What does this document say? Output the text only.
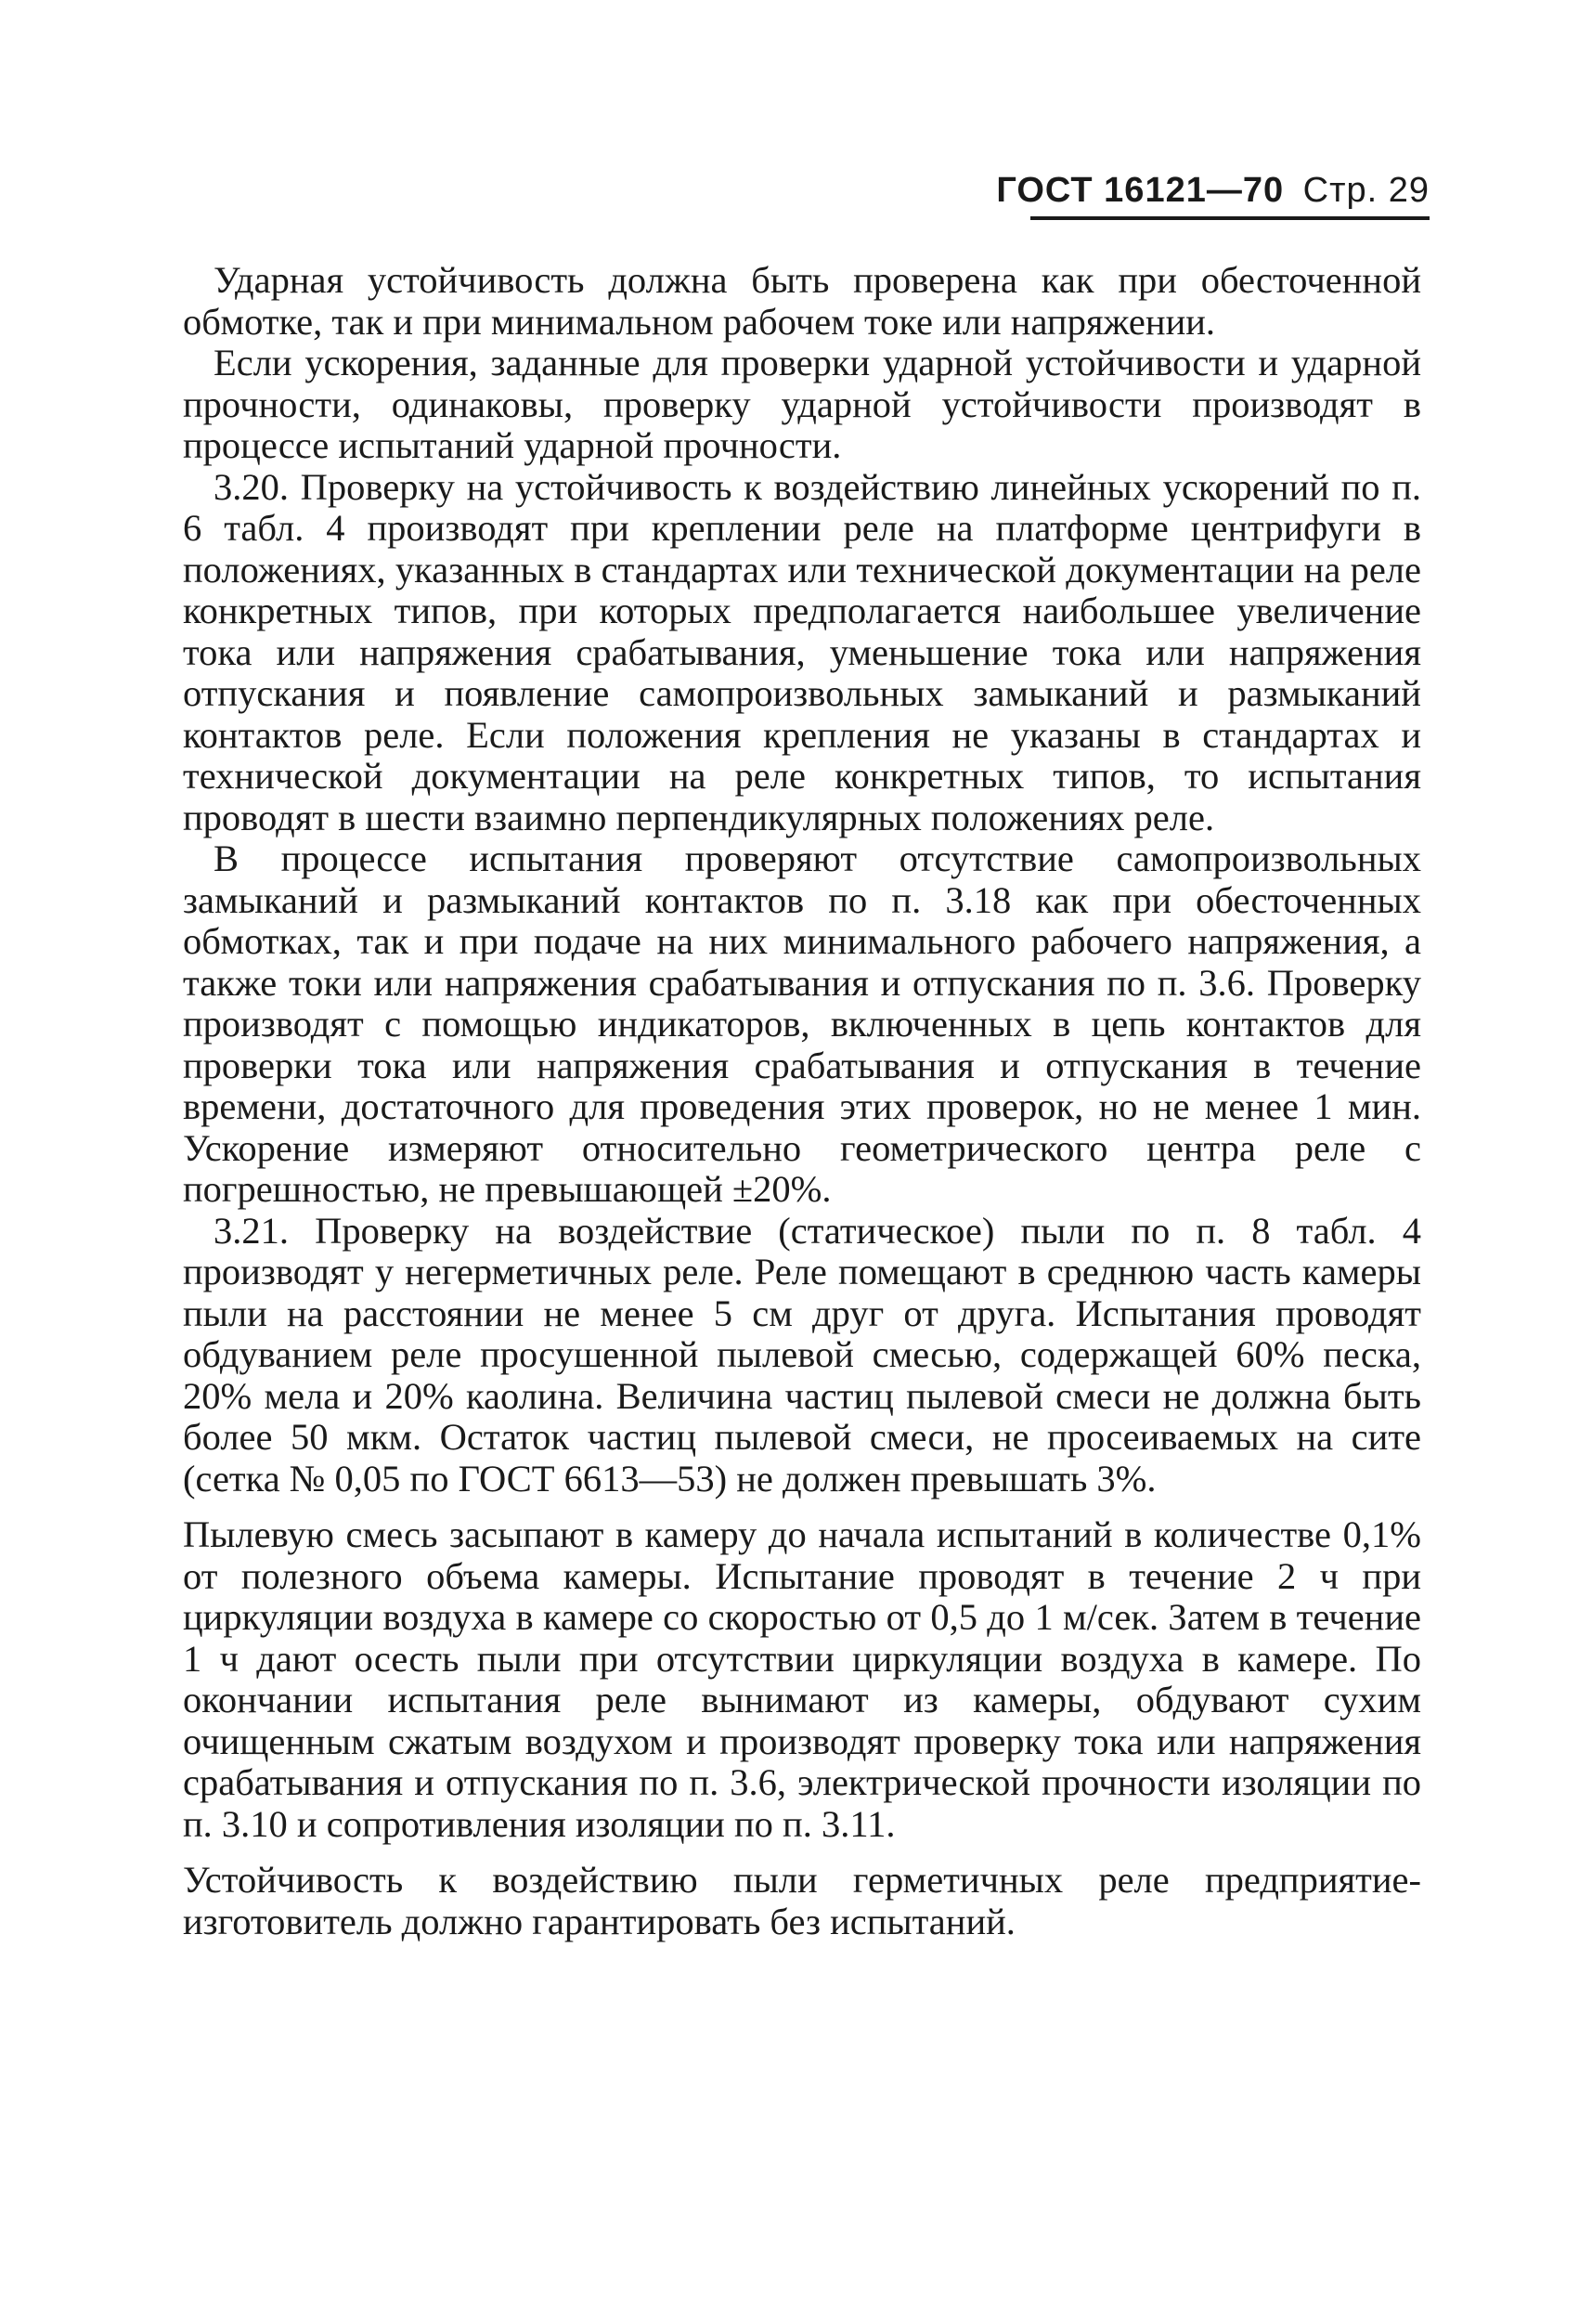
ГОСТ 16121—70 Стр. 29

Ударная устойчивость должна быть проверена как при обесточенной обмотке, так и при минимальном рабочем токе или напряжении.

Если ускорения, заданные для проверки ударной устойчивости и ударной прочности, одинаковы, проверку ударной устойчивости производят в процессе испытаний ударной прочности.

3.20. Проверку на устойчивость к воздействию линейных ускорений по п. 6 табл. 4 производят при креплении реле на платформе центрифуги в положениях, указанных в стандартах или технической документации на реле конкретных типов, при которых предполагается наибольшее увеличение тока или напряжения срабатывания, уменьшение тока или напряжения отпускания и появление самопроизвольных замыканий и размыканий контактов реле. Если положения крепления не указаны в стандартах и технической документации на реле конкретных типов, то испытания проводят в шести взаимно перпендикулярных положениях реле.

В процессе испытания проверяют отсутствие самопроизвольных замыканий и размыканий контактов по п. 3.18 как при обесточенных обмотках, так и при подаче на них минимального рабочего напряжения, а также токи или напряжения срабатывания и отпускания по п. 3.6. Проверку производят с помощью индикаторов, включенных в цепь контактов для проверки тока или напряжения срабатывания и отпускания в течение времени, достаточного для проведения этих проверок, но не менее 1 мин. Ускорение измеряют относительно геометрического центра реле с погрешностью, не превышающей ±20%.

3.21. Проверку на воздействие (статическое) пыли по п. 8 табл. 4 производят у негерметичных реле. Реле помещают в среднюю часть камеры пыли на расстоянии не менее 5 см друг от друга. Испытания проводят обдуванием реле просушенной пылевой смесью, содержащей 60% песка, 20% мела и 20% каолина. Величина частиц пылевой смеси не должна быть более 50 мкм. Остаток частиц пылевой смеси, не просеиваемых на сите (сетка № 0,05 по ГОСТ 6613—53) не должен превышать 3%.

Пылевую смесь засыпают в камеру до начала испытаний в количестве 0,1% от полезного объема камеры. Испытание проводят в течение 2 ч при циркуляции воздуха в камере со скоростью от 0,5 до 1 м/сек. Затем в течение 1 ч дают осесть пыли при отсутствии циркуляции воздуха в камере. По окончании испытания реле вынимают из камеры, обдувают сухим очищенным сжатым воздухом и производят проверку тока или напряжения срабатывания и отпускания по п. 3.6, электрической прочности изоляции по п. 3.10 и сопротивления изоляции по п. 3.11.

Устойчивость к воздействию пыли герметичных реле предприятие-изготовитель должно гарантировать без испытаний.
